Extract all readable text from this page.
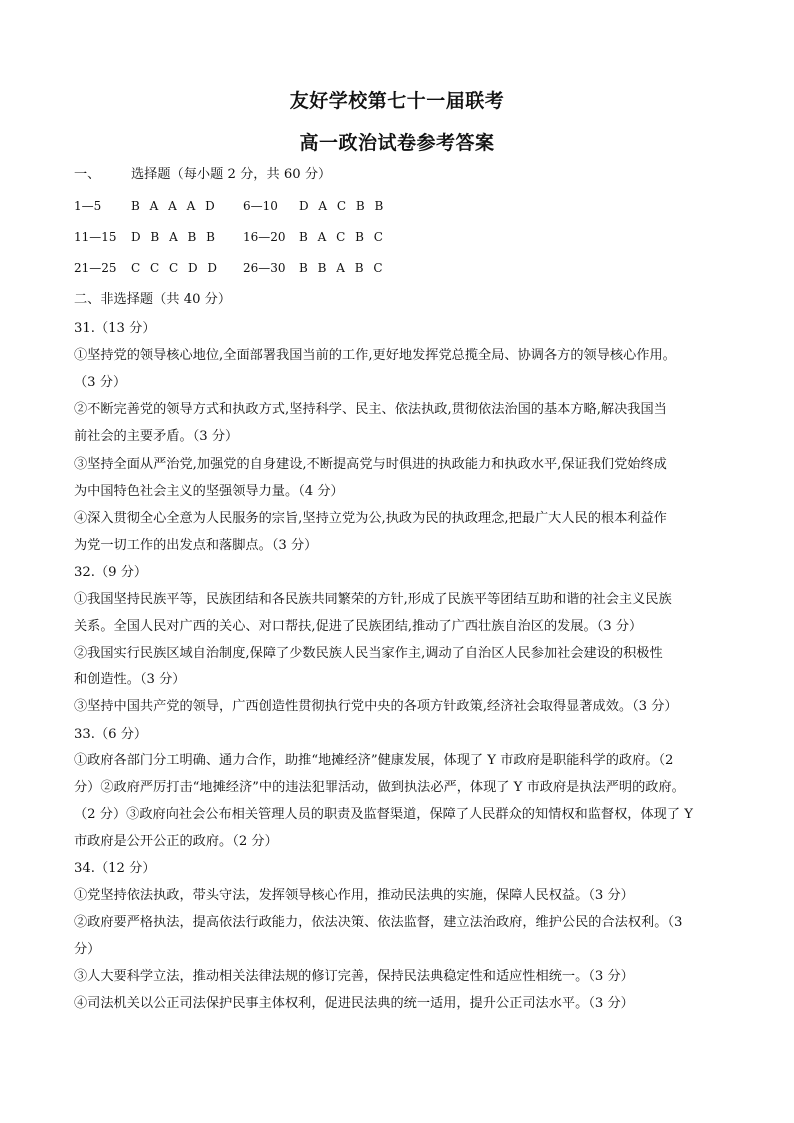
友好学校第七十一届联考
高一政治试卷参考答案
一、 选择题（每小题 2 分，共 60 分）
1—5 B A A A D 6—10 D A C B B
11—15 D B A B B 16—20 B A C B C
21—25 C C C D D 26—30 B B A B C
二、非选择题（共 40 分）
31.（13 分）
①坚持党的领导核心地位,全面部署我国当前的工作,更好地发挥党总揽全局、协调各方的领导核心作用。
（3 分）
②不断完善党的领导方式和执政方式,坚持科学、民主、依法执政,贯彻依法治国的基本方略,解决我国当
前社会的主要矛盾。（3 分）
③坚持全面从严治党,加强党的自身建设,不断提高党与时俱进的执政能力和执政水平,保证我们党始终成
为中国特色社会主义的坚强领导力量。（4 分）
④深入贯彻全心全意为人民服务的宗旨,坚持立党为公,执政为民的执政理念,把最广大人民的根本利益作
为党一切工作的出发点和落脚点。（3 分）
32.（9 分）
①我国坚持民族平等，民族团结和各民族共同繁荣的方针,形成了民族平等团结互助和谐的社会主义民族
关系。全国人民对广西的关心、对口帮扶,促进了民族团结,推动了广西壮族自治区的发展。（3 分）
②我国实行民族区域自治制度,保障了少数民族人民当家作主,调动了自治区人民参加社会建设的积极性
和创造性。（3 分）
③坚持中国共产党的领导，广西创造性贯彻执行党中央的各项方针政策,经济社会取得显著成效。（3 分）
33.（6 分）
①政府各部门分工明确、通力合作，助推“地摊经济”健康发展，体现了 Y 市政府是职能科学的政府。（2
分）②政府严厉打击“地摊经济”中的违法犯罪活动，做到执法必严，体现了 Y 市政府是执法严明的政府。
（2 分）③政府向社会公布相关管理人员的职责及监督渠道，保障了人民群众的知情权和监督权，体现了 Y
市政府是公开公正的政府。（2 分）
34.（12 分）
①党坚持依法执政，带头守法，发挥领导核心作用，推动民法典的实施，保障人民权益。（3 分）
②政府要严格执法，提高依法行政能力，依法决策、依法监督，建立法治政府，维护公民的合法权利。（3
分）
③人大要科学立法，推动相关法律法规的修订完善，保持民法典稳定性和适应性相统一。（3 分）
④司法机关以公正司法保护民事主体权利，促进民法典的统一适用，提升公正司法水平。（3 分）
